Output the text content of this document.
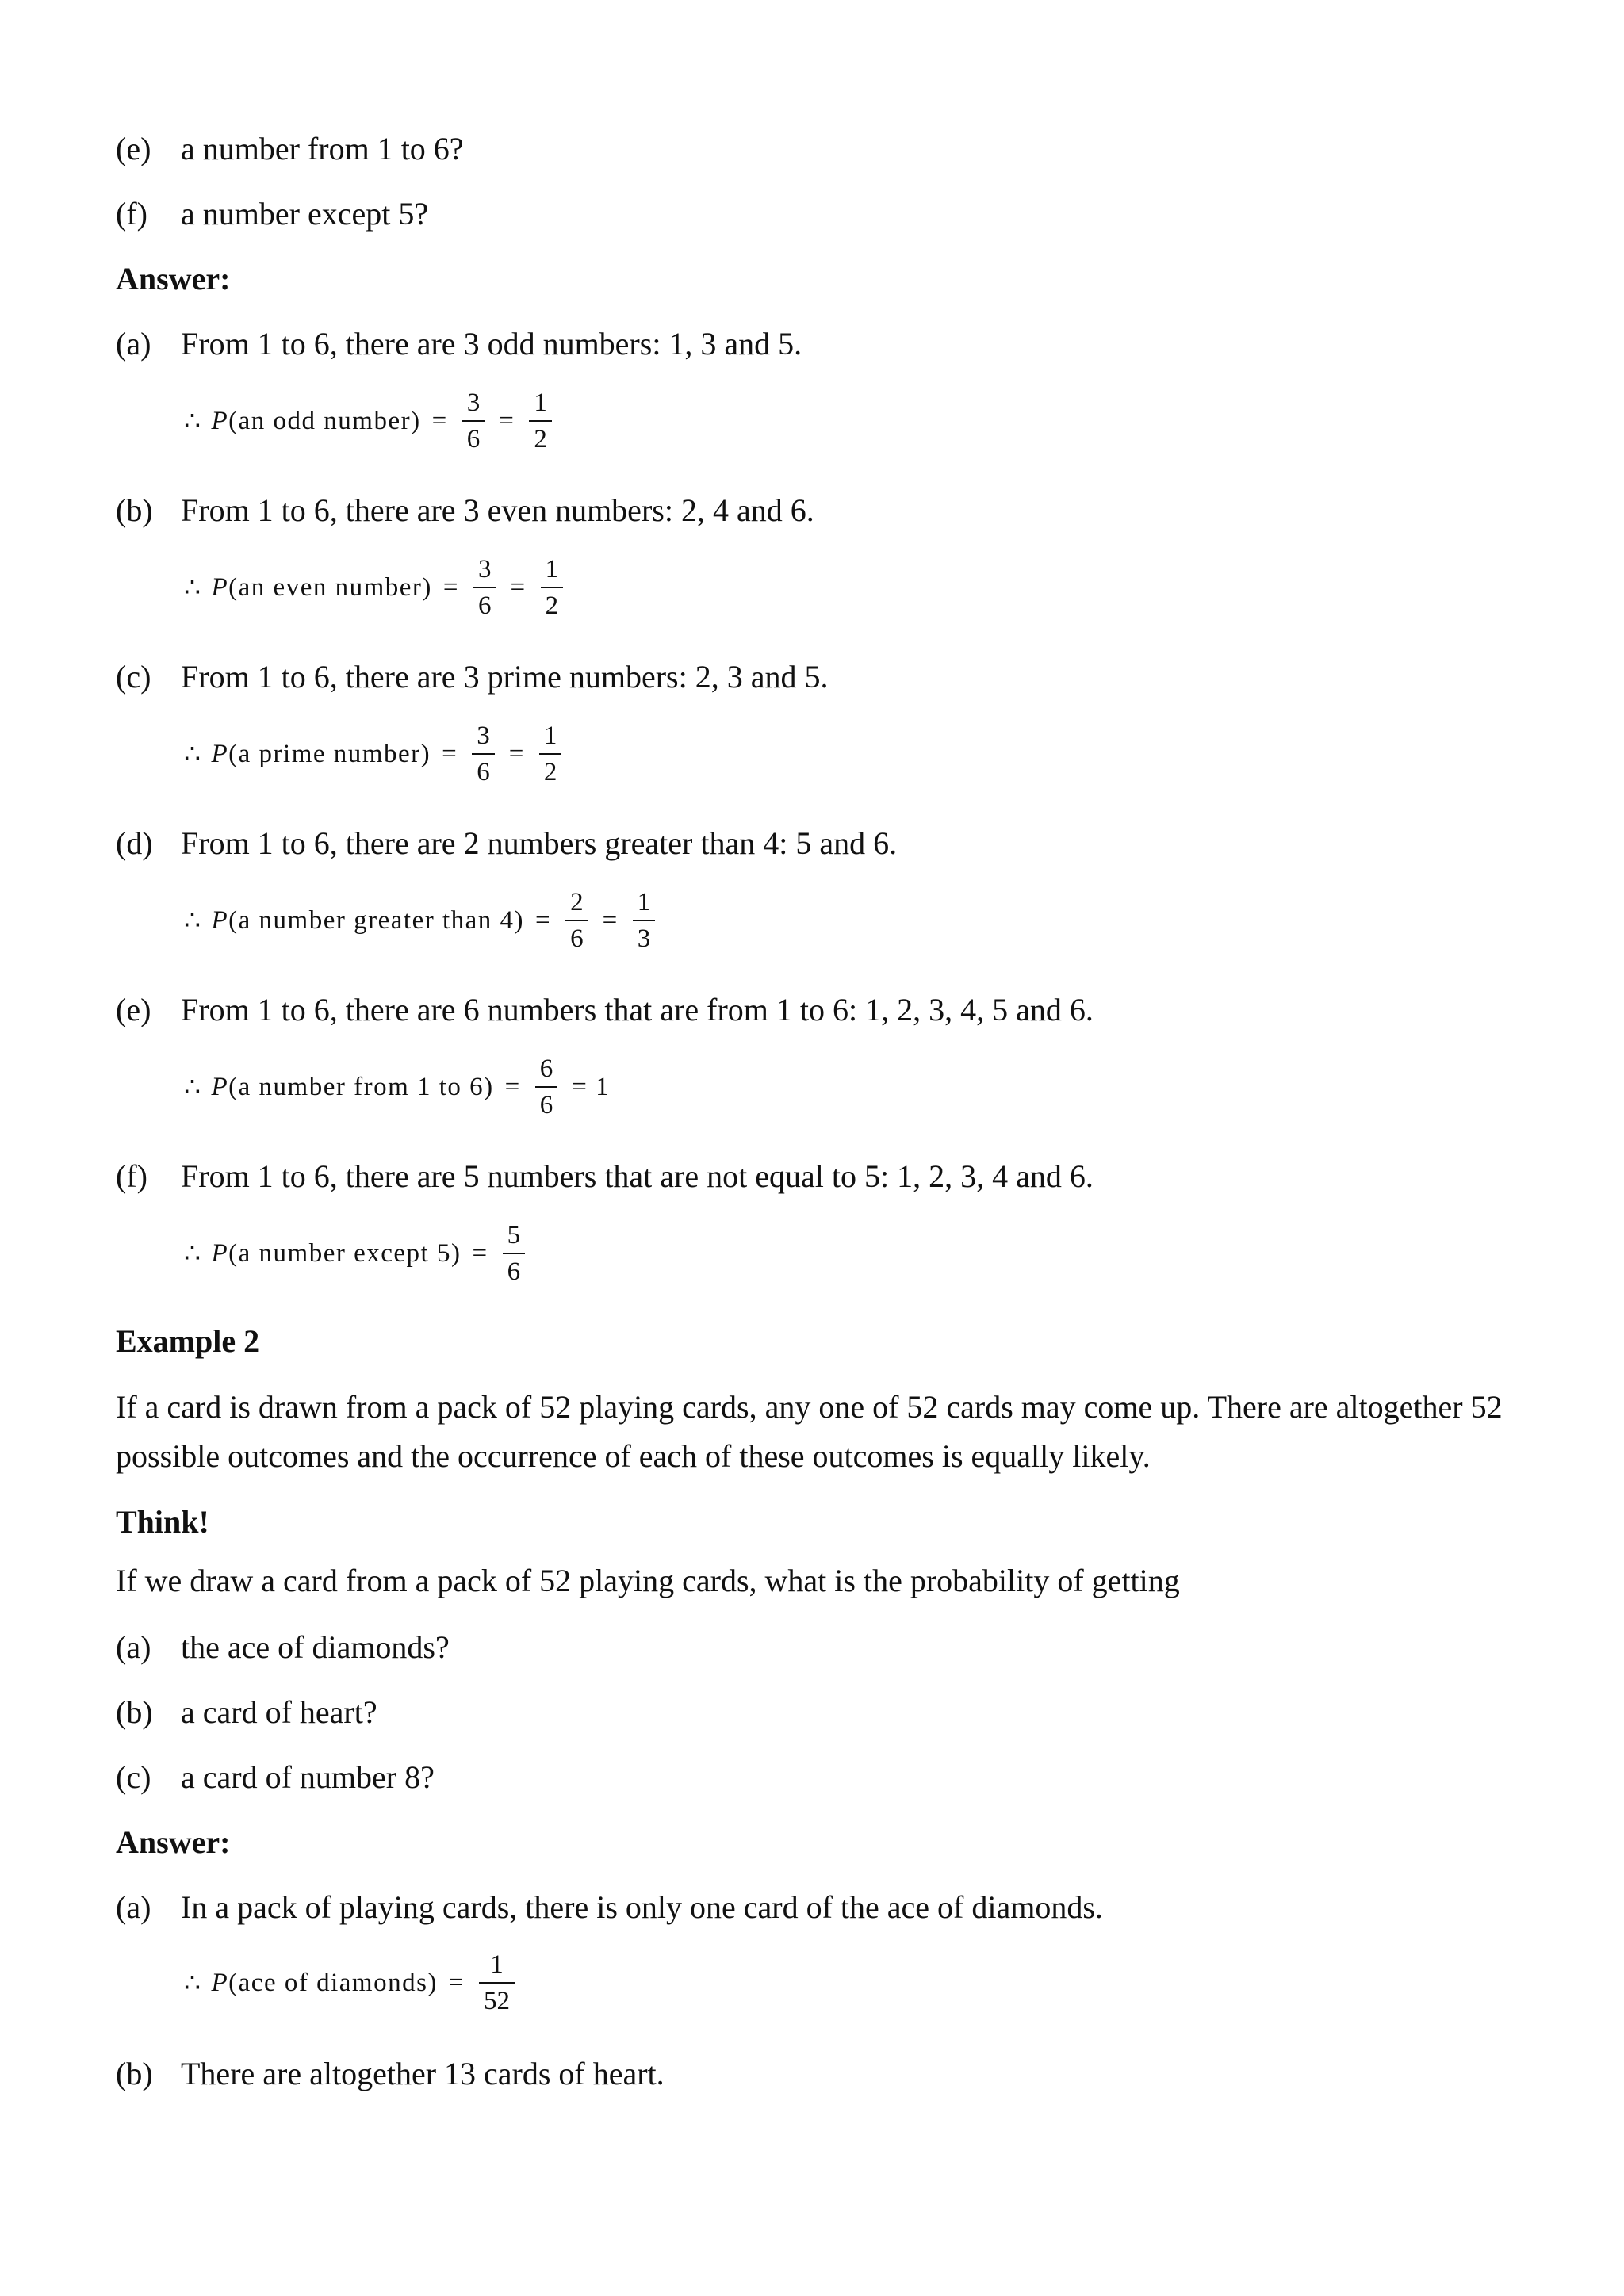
(e) a number from 1 to 6?
(f) a number except 5?
Answer:
(a) From 1 to 6, there are 3 odd numbers: 1, 3 and 5.
∴ P (an odd number) = $\frac{3}{6} = \frac{1}{2}$
(b) From 1 to 6, there are 3 even numbers: 2, 4 and 6.
∴ P (an even number) = $\frac{3}{6} = \frac{1}{2}$
(c) From 1 to 6, there are 3 prime numbers: 2, 3 and 5.
∴ P (a prime number) = $\frac{3}{6} = \frac{1}{2}$
(d) From 1 to 6, there are 2 numbers greater than 4: 5 and 6.
∴ P (a number greater than $4) = \frac{2}{6} = \frac{1}{3}$
(e) From 1 to 6, there are 6 numbers that are from 1 to 6: 1, 2, 3, 4, 5 and 6.
∴ P (a number from 1 to $6) = \frac{6}{6} = 1$
(f) From 1 to 6, there are 5 numbers that are not equal to 5: 1, 2, 3, 4 and 6.
∴ P (a number except $5) = \frac{5}{6}$
Example 2
If a card is drawn from a pack of 52 playing cards, any one of 52 cards may come up. There are altogether 52 possible outcomes and the occurrence of each of these outcomes is equally likely.
Think!
If we draw a card from a pack of 52 playing cards, what is the probability of getting
(a) the ace of diamonds?
(b) a card of heart?
(c) a card of number 8?
Answer:
(a) In a pack of playing cards, there is only one card of the ace of diamonds.
∴ P (ace of diamonds) = $\frac{1}{52}$
(b) There are altogether 13 cards of heart.
